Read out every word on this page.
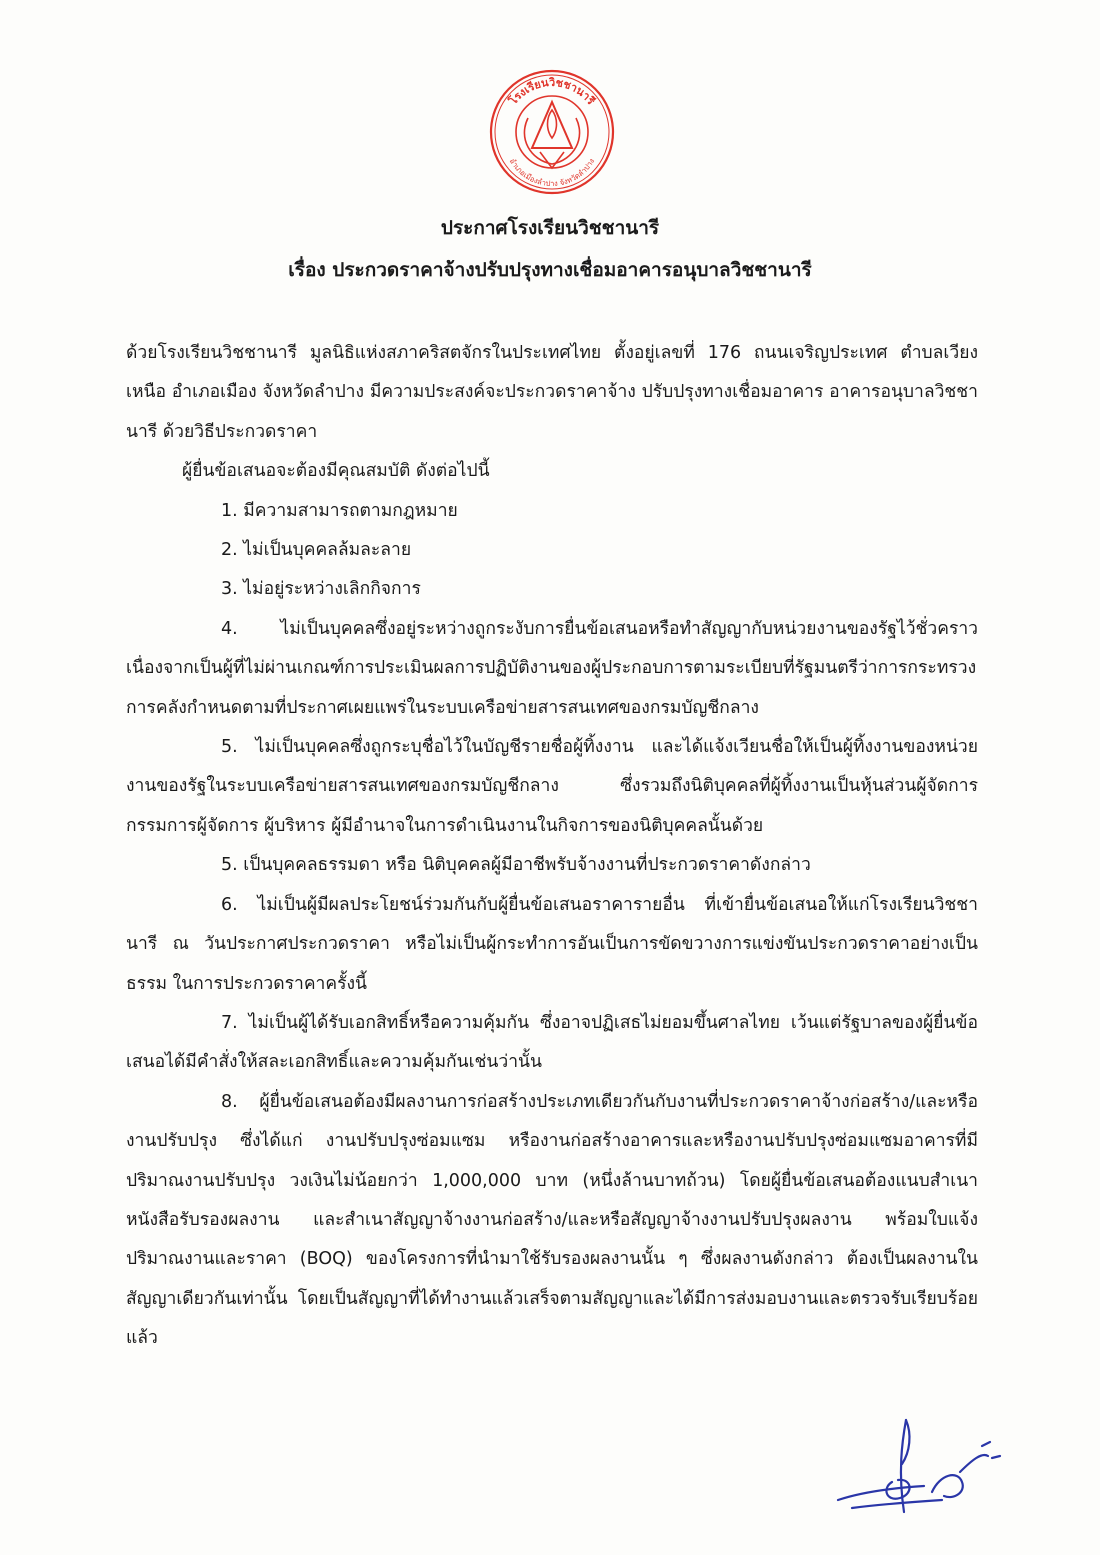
โรงเรียนวิชชานารี
อำเภอเมืองลำปาง จังหวัดลำปาง
ประกาศโรงเรียนวิชชานารี
เรื่อง ประกวดราคาจ้างปรับปรุงทางเชื่อมอาคารอนุบาลวิชชานารี

ด้วยโรงเรียนวิชชานารี มูลนิธิแห่งสภาคริสตจักรในประเทศไทย ตั้งอยู่เลขที่ 176 ถนนเจริญประเทศ ตำบลเวียงเหนือ อำเภอเมือง จังหวัดลำปาง มีความประสงค์จะประกวดราคาจ้าง ปรับปรุงทางเชื่อมอาคาร อาคารอนุบาลวิชชานารี ด้วยวิธีประกวดราคา

ผู้ยื่นข้อเสนอจะต้องมีคุณสมบัติ ดังต่อไปนี้

1. มีความสามารถตามกฎหมาย

2. ไม่เป็นบุคคลล้มละลาย

3. ไม่อยู่ระหว่างเลิกกิจการ

4. ไม่เป็นบุคคลซึ่งอยู่ระหว่างถูกระงับการยื่นข้อเสนอหรือทำสัญญากับหน่วยงานของรัฐไว้ชั่วคราว เนื่องจากเป็นผู้ที่ไม่ผ่านเกณฑ์การประเมินผลการปฏิบัติงานของผู้ประกอบการตามระเบียบที่รัฐมนตรีว่าการกระทรวงการคลังกำหนดตามที่ประกาศเผยแพร่ในระบบเครือข่ายสารสนเทศของกรมบัญชีกลาง

5. ไม่เป็นบุคคลซึ่งถูกระบุชื่อไว้ในบัญชีรายชื่อผู้ทิ้งงาน และได้แจ้งเวียนชื่อให้เป็นผู้ทิ้งงานของหน่วยงานของรัฐในระบบเครือข่ายสารสนเทศของกรมบัญชีกลาง ซึ่งรวมถึงนิติบุคคลที่ผู้ทิ้งงานเป็นหุ้นส่วนผู้จัดการ กรรมการผู้จัดการ ผู้บริหาร ผู้มีอำนาจในการดำเนินงานในกิจการของนิติบุคคลนั้นด้วย

5. เป็นบุคคลธรรมดา หรือ นิติบุคคลผู้มีอาชีพรับจ้างงานที่ประกวดราคาดังกล่าว

6. ไม่เป็นผู้มีผลประโยชน์ร่วมกันกับผู้ยื่นข้อเสนอราคารายอื่น ที่เข้ายื่นข้อเสนอให้แก่โรงเรียนวิชชานารี ณ วันประกาศประกวดราคา หรือไม่เป็นผู้กระทำการอันเป็นการขัดขวางการแข่งขันประกวดราคาอย่างเป็นธรรม ในการประกวดราคาครั้งนี้

7. ไม่เป็นผู้ได้รับเอกสิทธิ์หรือความคุ้มกัน ซึ่งอาจปฏิเสธไม่ยอมขึ้นศาลไทย เว้นแต่รัฐบาลของผู้ยื่นข้อเสนอได้มีคำสั่งให้สละเอกสิทธิ์และความคุ้มกันเช่นว่านั้น

8. ผู้ยื่นข้อเสนอต้องมีผลงานการก่อสร้างประเภทเดียวกันกับงานที่ประกวดราคาจ้างก่อสร้าง/และหรืองานปรับปรุง ซึ่งได้แก่ งานปรับปรุงซ่อมแซม หรืองานก่อสร้างอาคารและหรืองานปรับปรุงซ่อมแซมอาคารที่มีปริมาณงานปรับปรุง วงเงินไม่น้อยกว่า 1,000,000 บาท (หนึ่งล้านบาทถ้วน) โดยผู้ยื่นข้อเสนอต้องแนบสำเนาหนังสือรับรองผลงาน และสำเนาสัญญาจ้างงานก่อสร้าง/และหรือสัญญาจ้างงานปรับปรุงผลงาน พร้อมใบแจ้งปริมาณงานและราคา (BOQ) ของโครงการที่นำมาใช้รับรองผลงานนั้น ๆ ซึ่งผลงานดังกล่าว ต้องเป็นผลงานในสัญญาเดียวกันเท่านั้น โดยเป็นสัญญาที่ได้ทำงานแล้วเสร็จตามสัญญาและได้มีการส่งมอบงานและตรวจรับเรียบร้อยแล้ว
